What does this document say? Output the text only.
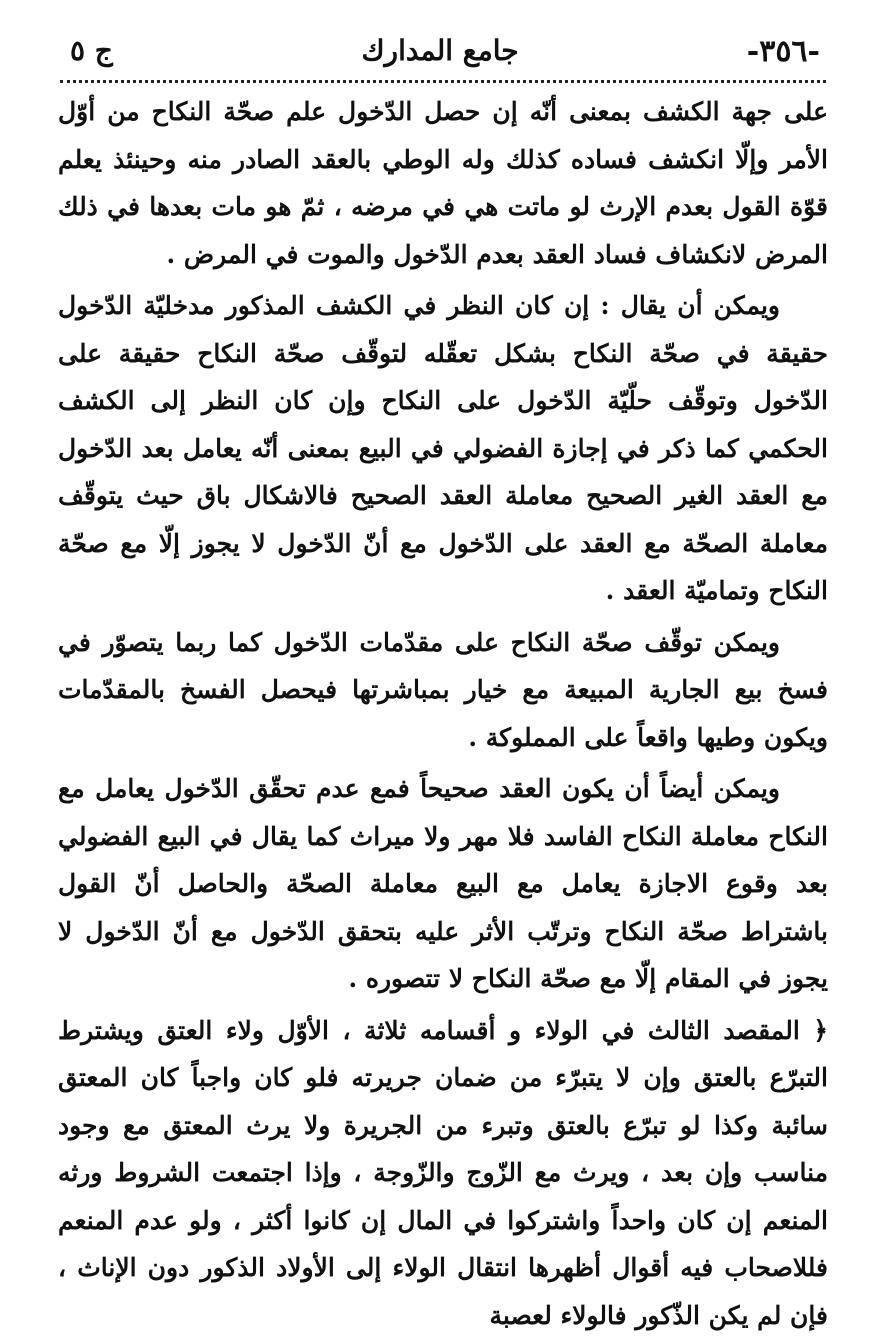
-٣٥٦-
جامع المدارك
ج ٥

على جهة الكشف بمعنى أنّه إن حصل الدّخول علم صحّة النكاح من أوّل الأمر وإلّا انكشف فساده كذلك وله الوطي بالعقد الصادر منه وحينئذ يعلم قوّة القول بعدم الإرث لو ماتت هي في مرضه ، ثمّ هو مات بعدها في ذلك المرض لانكشاف فساد العقد بعدم الدّخول والموت في المرض .

ويمكن أن يقال : إن كان النظر في الكشف المذكور مدخليّة الدّخول حقيقة في صحّة النكاح بشكل تعقّله لتوقّف صحّة النكاح حقيقة على الدّخول وتوقّف حلّيّة الدّخول على النكاح وإن كان النظر إلى الكشف الحكمي كما ذكر في إجازة الفضولي في البيع بمعنى أنّه يعامل بعد الدّخول مع العقد الغير الصحيح معاملة العقد الصحيح فالاشكال باق حيث يتوقّف معاملة الصحّة مع العقد على الدّخول مع أنّ الدّخول لا يجوز إلّا مع صحّة النكاح وتماميّة العقد .

ويمكن توقّف صحّة النكاح على مقدّمات الدّخول كما ربما يتصوّر في فسخ بيع الجارية المبيعة مع خيار بمباشرتها فيحصل الفسخ بالمقدّمات ويكون وطيها واقعاً على المملوكة .

ويمكن أيضاً أن يكون العقد صحيحاً فمع عدم تحقّق الدّخول يعامل مع النكاح معاملة النكاح الفاسد فلا مهر ولا ميراث كما يقال في البيع الفضولي بعد وقوع الاجازة يعامل مع البيع معاملة الصحّة والحاصل أنّ القول باشتراط صحّة النكاح وترتّب الأثر عليه بتحقق الدّخول مع أنّ الدّخول لا يجوز في المقام إلّا مع صحّة النكاح لا تتصوره .

﴿ المقصد الثالث في الولاء و أقسامه ثلاثة ، الأوّل ولاء العتق ويشترط التبرّع بالعتق وإن لا يتبرّء من ضمان جريرته فلو كان واجباً كان المعتق سائبة وكذا لو تبرّع بالعتق وتبرء من الجريرة ولا يرث المعتق مع وجود مناسب وإن بعد ، ويرث مع الزّوج والزّوجة ، وإذا اجتمعت الشروط ورثه المنعم إن كان واحداً واشتركوا في المال إن كانوا أكثر ، ولو عدم المنعم فللاصحاب فيه أقوال أظهرها انتقال الولاء إلى الأولاد الذكور دون الإناث ، فإن لم يكن الذّكور فالولاء لعصبة
